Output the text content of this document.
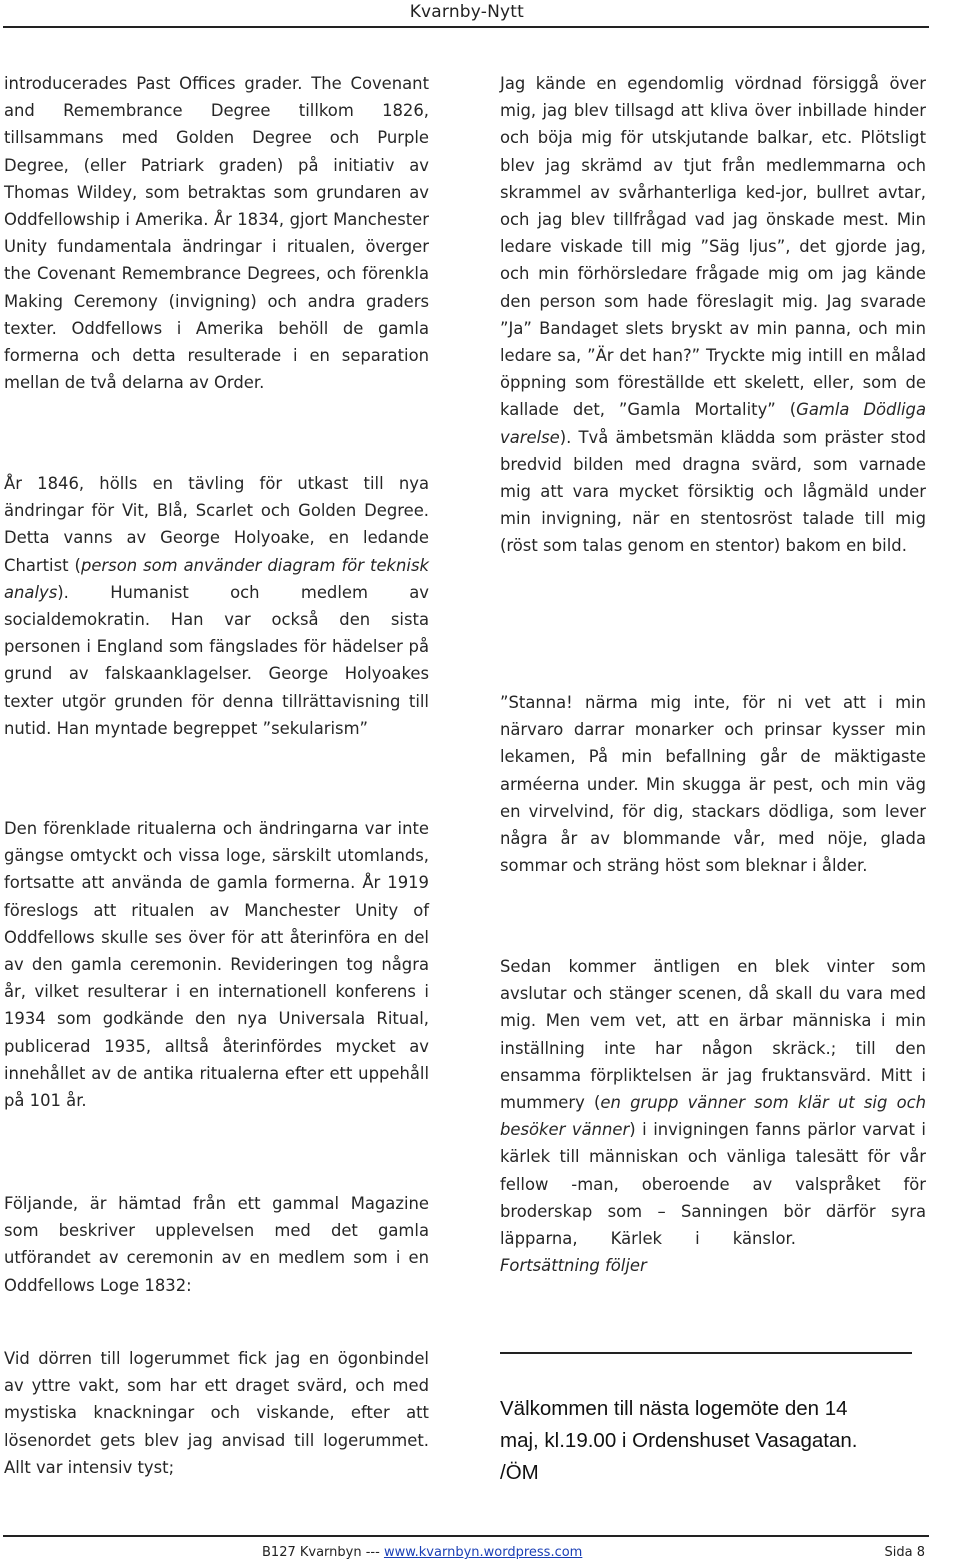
Kvarnby-Nytt

introducerades Past Offices grader. The Covenant and Remembrance Degree tillkom 1826, tillsammans med Golden Degree och Purple Degree, (eller Patriark graden) på initiativ av Thomas Wildey, som betraktas som grundaren av Oddfellowship i Amerika. År 1834, gjort Manchester Unity fundamentala ändringar i ritualen, överger the Covenant Remembrance Degrees, och förenkla Making Ceremony (invigning) och andra graders texter. Oddfellows i Amerika behöll de gamla formerna och detta resulterade i en separation mellan de två delarna av Order.

År 1846, hölls en tävling för utkast till nya ändringar för Vit, Blå, Scarlet och Golden Degree. Detta vanns av George Holyoake, en ledande Chartist (person som använder diagram för teknisk analys). Humanist och medlem av socialdemokratin. Han var också den sista personen i England som fängslades för hädelser på grund av falskaanklagelser. George Holyoakes texter utgör grunden för denna tillrättavisning till nutid. Han myntade begreppet ”sekularism”

Den förenklade ritualerna och ändringarna var inte gängse omtyckt och vissa loge, särskilt utomlands, fortsatte att använda de gamla formerna. År 1919 föreslogs att ritualen av Manchester Unity of Oddfellows skulle ses över för att återinföra en del av den gamla ceremonin. Revideringen tog några år, vilket resulterar i en internationell konferens i 1934 som godkände den nya Universala Ritual, publicerad 1935, alltså återinfördes mycket av innehållet av de antika ritualerna efter ett uppehåll på 101 år.

Följande, är hämtad från ett gammal Magazine som beskriver upplevelsen med det gamla utförandet av ceremonin av en medlem som i en Oddfellows Loge 1832:

Vid dörren till logerummet fick jag en ögonbindel av yttre vakt, som har ett draget svärd, och med mystiska knackningar och viskande, efter att lösenordet gets blev jag anvisad till logerummet. Allt var intensiv tyst;

Jag kände en egendomlig vördnad försiggå över mig, jag blev tillsagd att kliva över inbillade hinder och böja mig för utskjutande balkar, etc. Plötsligt blev jag skrämd av tjut från medlemmarna och skrammel av svårhanterliga ked-jor, bullret avtar, och jag blev tillfrågad vad jag önskade mest. Min ledare viskade till mig ”Säg ljus”, det gjorde jag, och min förhörsledare frågade mig om jag kände den person som hade föreslagit mig. Jag svarade ”Ja” Bandaget slets bryskt av min panna, och min ledare sa, ”Är det han?” Tryckte mig intill en målad öppning som föreställde ett skelett, eller, som de kallade det, ”Gamla Mortality” (Gamla Dödliga varelse). Två ämbetsmän klädda som präster stod bredvid bilden med dragna svärd, som varnade mig att vara mycket försiktig och lågmäld under min invigning, när en stentosröst talade till mig (röst som talas genom en stentor) bakom en bild.

”Stanna! närma mig inte, för ni vet att i min närvaro darrar monarker och prinsar kysser min lekamen, På min befallning går de mäktigaste arméerna under. Min skugga är pest, och min väg en virvelvind, för dig, stackars dödliga, som lever några år av blommande vår, med nöje, glada sommar och sträng höst som bleknar i ålder.

Sedan kommer äntligen en blek vinter som avslutar och stänger scenen, då skall du vara med mig. Men vem vet, att en ärbar människa i min inställning inte har någon skräck.; till den ensamma förpliktelsen är jag fruktansvärd. Mitt i mummery (en grupp vänner som klär ut sig och besöker vänner) i invigningen fanns pärlor varvat i kärlek till människan och vänliga talesätt för vår fellow -man, oberoende av valspråket för broderskap som – Sanningen bör därför syra läpparna, Kärlek i känslor.Fortsättning följer

Välkommen till nästa logemöte den 14
maj, kl.19.00 i Ordenshuset Vasagatan.
/ÖM
B127 Kvarnbyn --- www.kvarnbyn.wordpress.com	Sida 8
